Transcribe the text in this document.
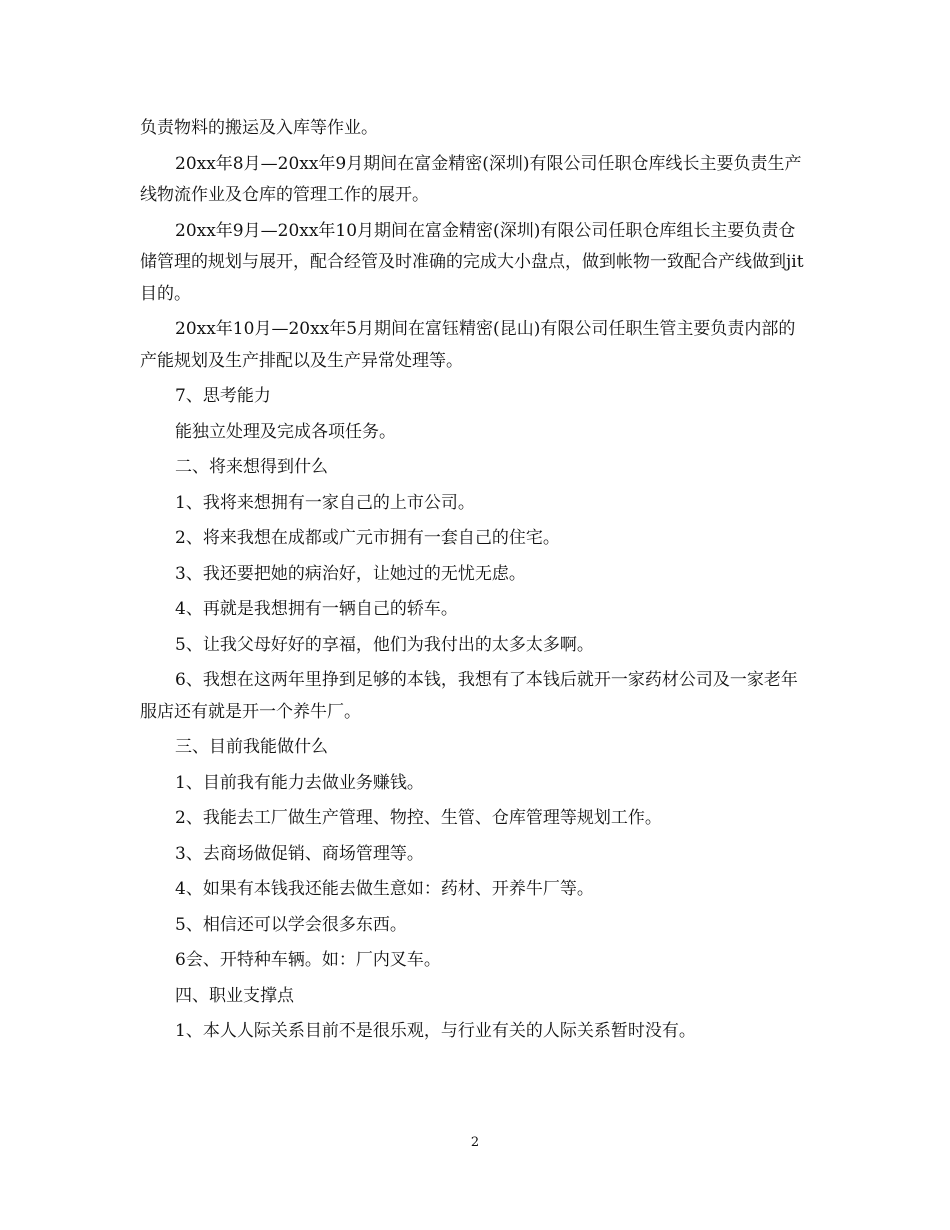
负责物料的搬运及入库等作业。

20xx年8月—20xx年9月期间在富金精密(深圳)有限公司任职仓库线长主要负责生产线物流作业及仓库的管理工作的展开。

20xx年9月—20xx年10月期间在富金精密(深圳)有限公司任职仓库组长主要负责仓储管理的规划与展开，配合经管及时准确的完成大小盘点，做到帐物一致配合产线做到jit目的。

20xx年10月—20xx年5月期间在富钰精密(昆山)有限公司任职生管主要负责内部的产能规划及生产排配以及生产异常处理等。

7、思考能力

能独立处理及完成各项任务。

二、将来想得到什么

1、我将来想拥有一家自己的上市公司。

2、将来我想在成都或广元市拥有一套自己的住宅。

3、我还要把她的病治好，让她过的无忧无虑。

4、再就是我想拥有一辆自己的轿车。

5、让我父母好好的享福，他们为我付出的太多太多啊。

6、我想在这两年里挣到足够的本钱，我想有了本钱后就开一家药材公司及一家老年服店还有就是开一个养牛厂。

三、目前我能做什么

1、目前我有能力去做业务赚钱。

2、我能去工厂做生产管理、物控、生管、仓库管理等规划工作。

3、去商场做促销、商场管理等。

4、如果有本钱我还能去做生意如：药材、开养牛厂等。

5、相信还可以学会很多东西。

6会、开特种车辆。如：厂内叉车。

四、职业支撑点

1、本人人际关系目前不是很乐观，与行业有关的人际关系暂时没有。

2
